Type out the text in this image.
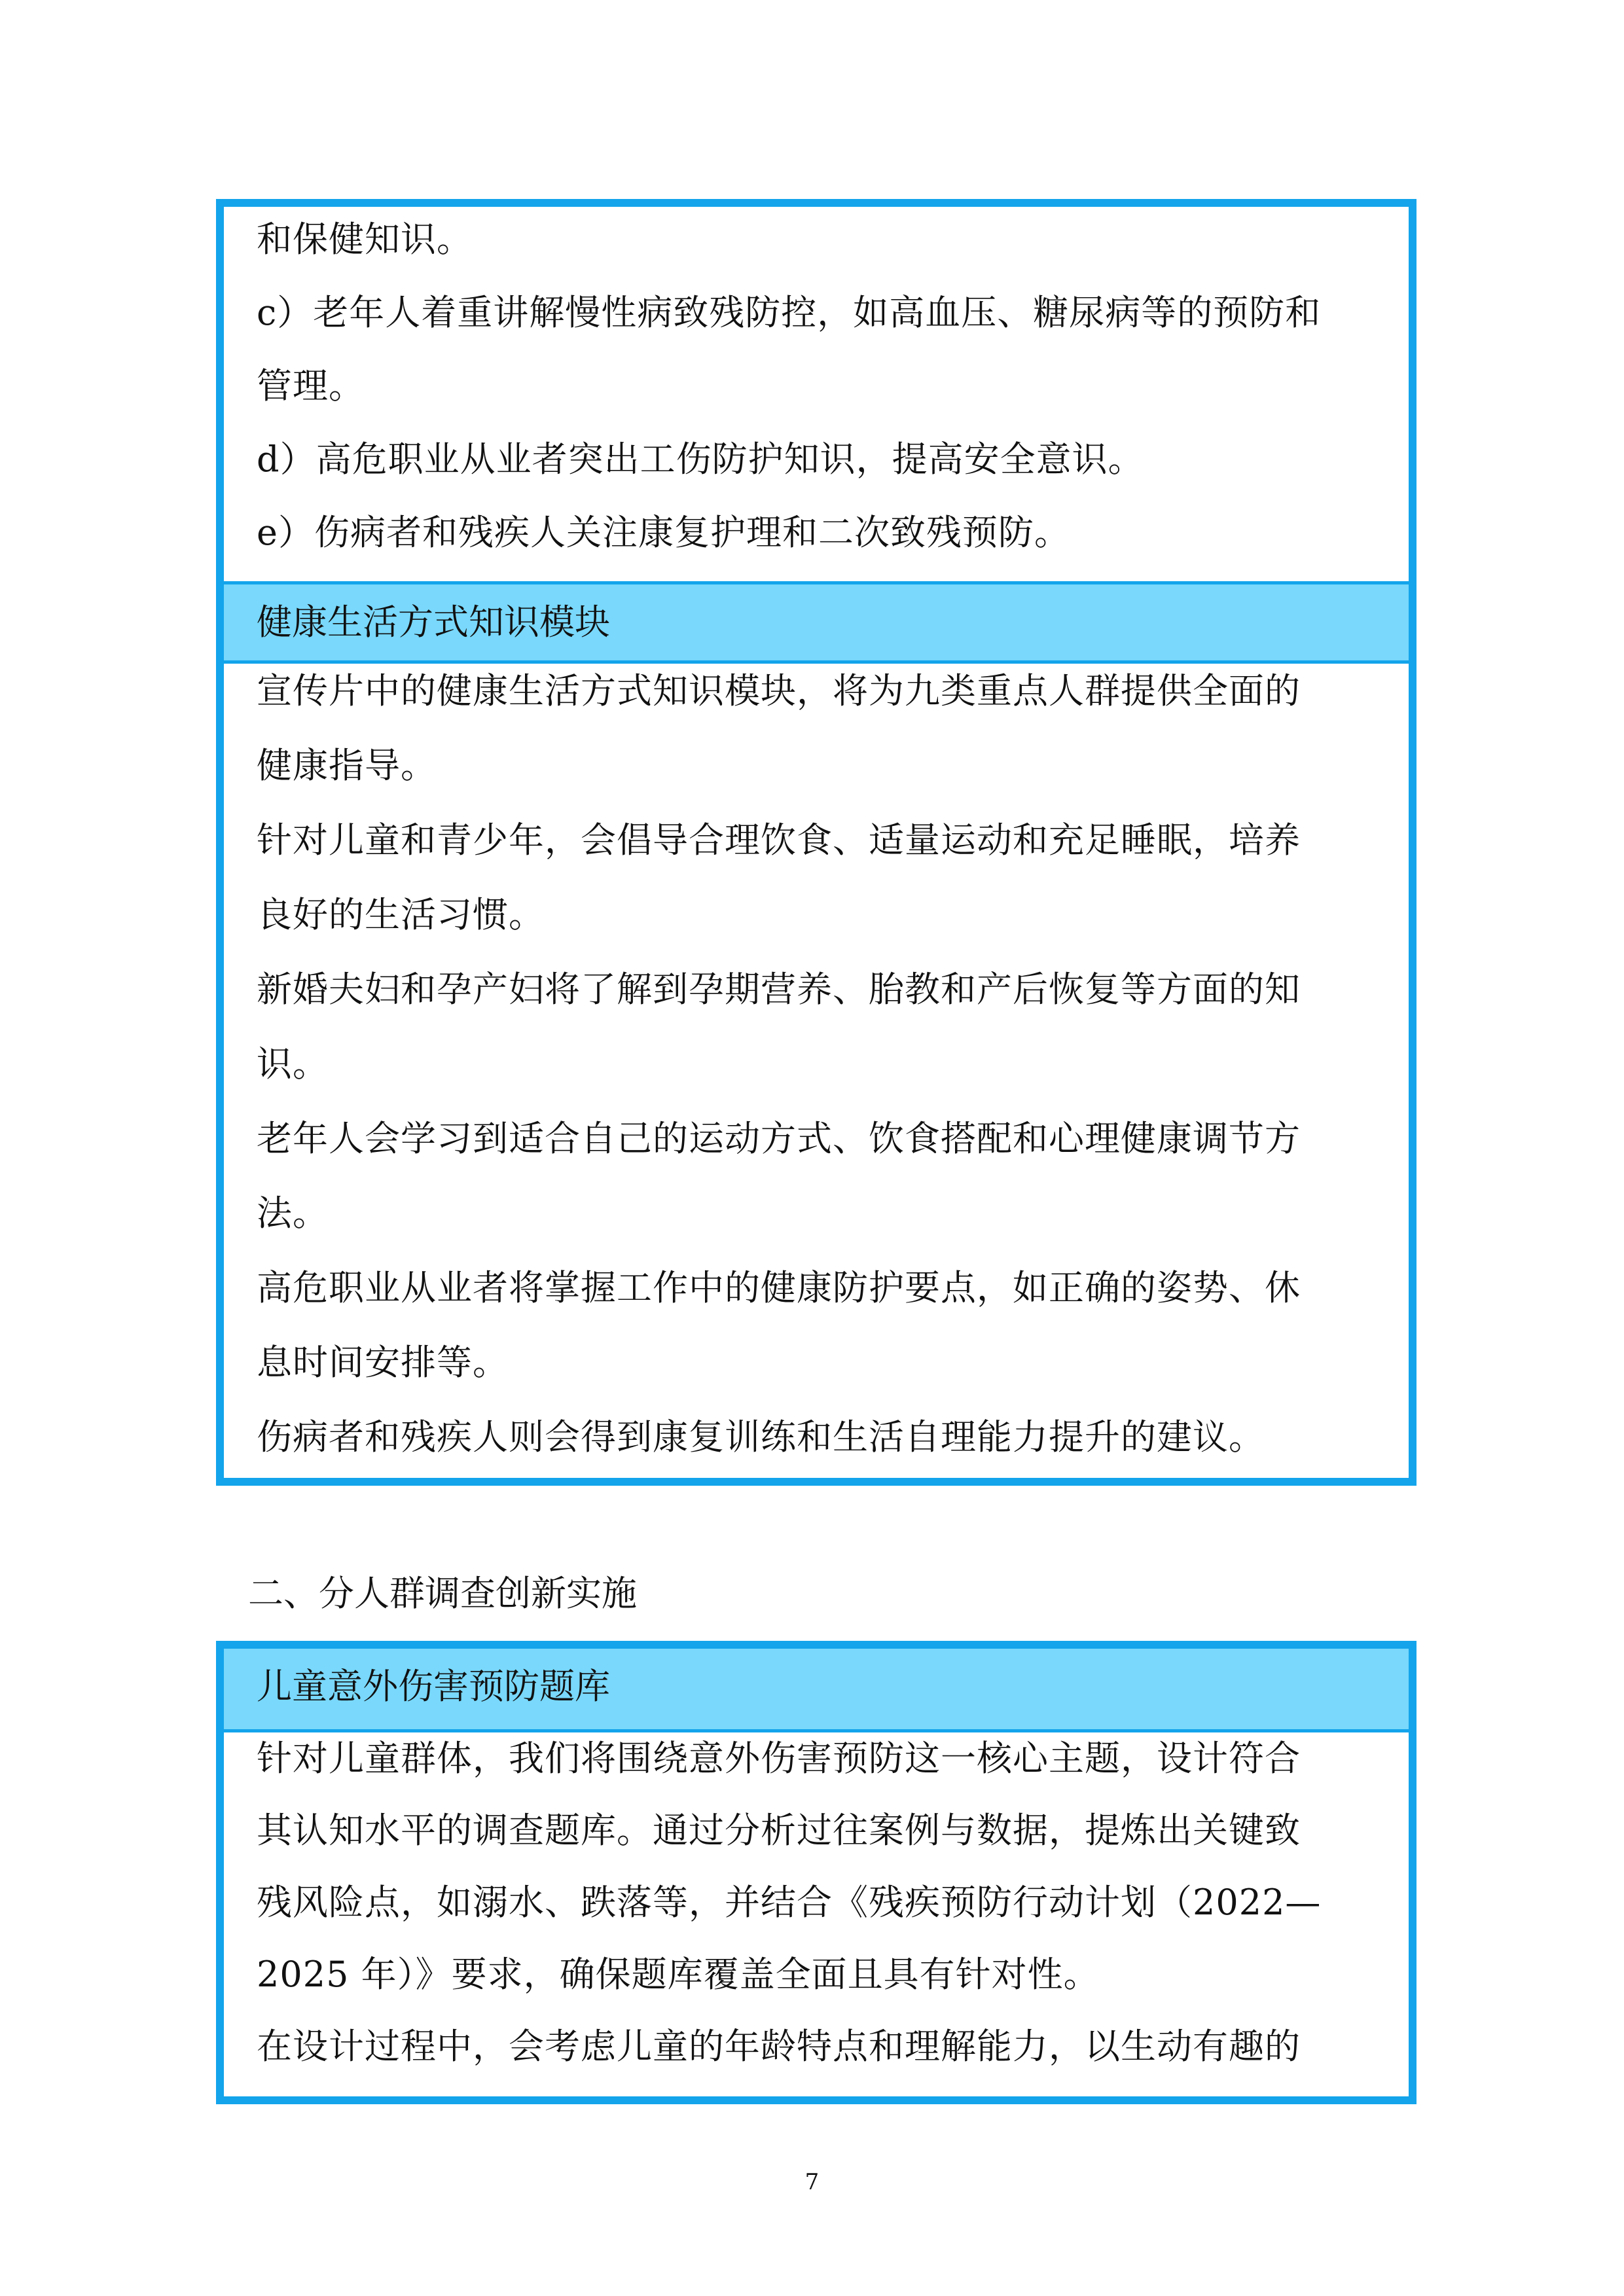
和保健知识。
c）老年人着重讲解慢性病致残防控，如高血压、糖尿病等的预防和
管理。
d）高危职业从业者突出工伤防护知识，提高安全意识。
e）伤病者和残疾人关注康复护理和二次致残预防。
健康生活方式知识模块
宣传片中的健康生活方式知识模块，将为九类重点人群提供全面的
健康指导。
针对儿童和青少年，会倡导合理饮食、适量运动和充足睡眠，培养
良好的生活习惯。
新婚夫妇和孕产妇将了解到孕期营养、胎教和产后恢复等方面的知
识。
老年人会学习到适合自己的运动方式、饮食搭配和心理健康调节方
法。
高危职业从业者将掌握工作中的健康防护要点，如正确的姿势、休
息时间安排等。
伤病者和残疾人则会得到康复训练和生活自理能力提升的建议。
二、分人群调查创新实施
儿童意外伤害预防题库
针对儿童群体，我们将围绕意外伤害预防这一核心主题，设计符合
其认知水平的调查题库。通过分析过往案例与数据，提炼出关键致
残风险点，如溺水、跌落等，并结合《残疾预防行动计划（2022—
2025 年）》要求，确保题库覆盖全面且具有针对性。
在设计过程中，会考虑儿童的年龄特点和理解能力，以生动有趣的
7
